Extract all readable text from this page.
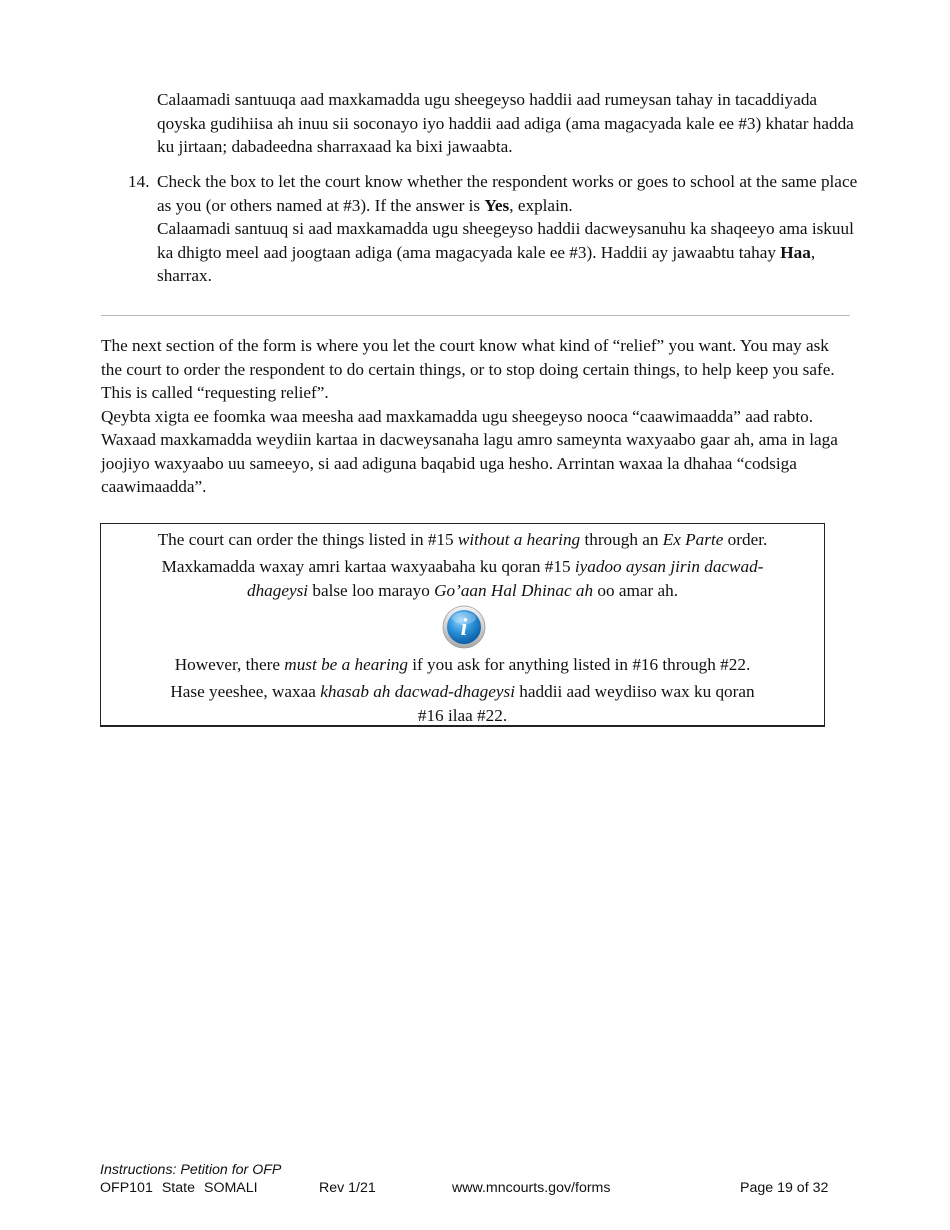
Calaamadi santuuqa aad maxkamadda ugu sheegeyso haddii aad rumeysan tahay in tacaddiyada qoyska gudihiisa ah inuu sii soconayo iyo haddii aad adiga (ama magacyada kale ee #3) khatar hadda ku jirtaan; dabadeedna sharraxaad ka bixi jawaabta.
14. Check the box to let the court know whether the respondent works or goes to school at the same place as you (or others named at #3). If the answer is Yes, explain.
Calaamadi santuuq si aad maxkamadda ugu sheegeyso haddii dacweysanuhu ka shaqeeyo ama iskuul ka dhigto meel aad joogtaan adiga (ama magacyada kale ee #3). Haddii ay jawaabtu tahay Haa, sharrax.
The next section of the form is where you let the court know what kind of “relief” you want. You may ask the court to order the respondent to do certain things, or to stop doing certain things, to help keep you safe. This is called “requesting relief”.
Qeybta xigta ee foomka waa meesha aad maxkamadda ugu sheegeyso nooca “caawimaadda” aad rabto. Waxaad maxkamadda weydiin kartaa in dacweysanaha lagu amro sameynta waxyaabo gaar ah, ama in laga joojiyo waxyaabo uu sameeyo, si aad adiguna baqabid uga hesho. Arrintan waxaa la dhahaa “codsiga caawimaadda”.

The court can order the things listed in #15 without a hearing through an Ex Parte order.

Maxkamadda waxay amri kartaa waxyaabaha ku qoran #15 iyadoo aysan jirin dacwad-dhageysi balse loo marayo Go’aan Hal Dhinac ah oo amar ah.

i

However, there must be a hearing if you ask for anything listed in #16 through #22.

Hase yeeshee, waxaa khasab ah dacwad-dhageysi haddii aad weydiiso wax ku qoran #16 ilaa #22.

Instructions: Petition for OFP
OFP101 State SOMALI	Rev 1/21	www.mncourts.gov/forms	Page 19 of 32
